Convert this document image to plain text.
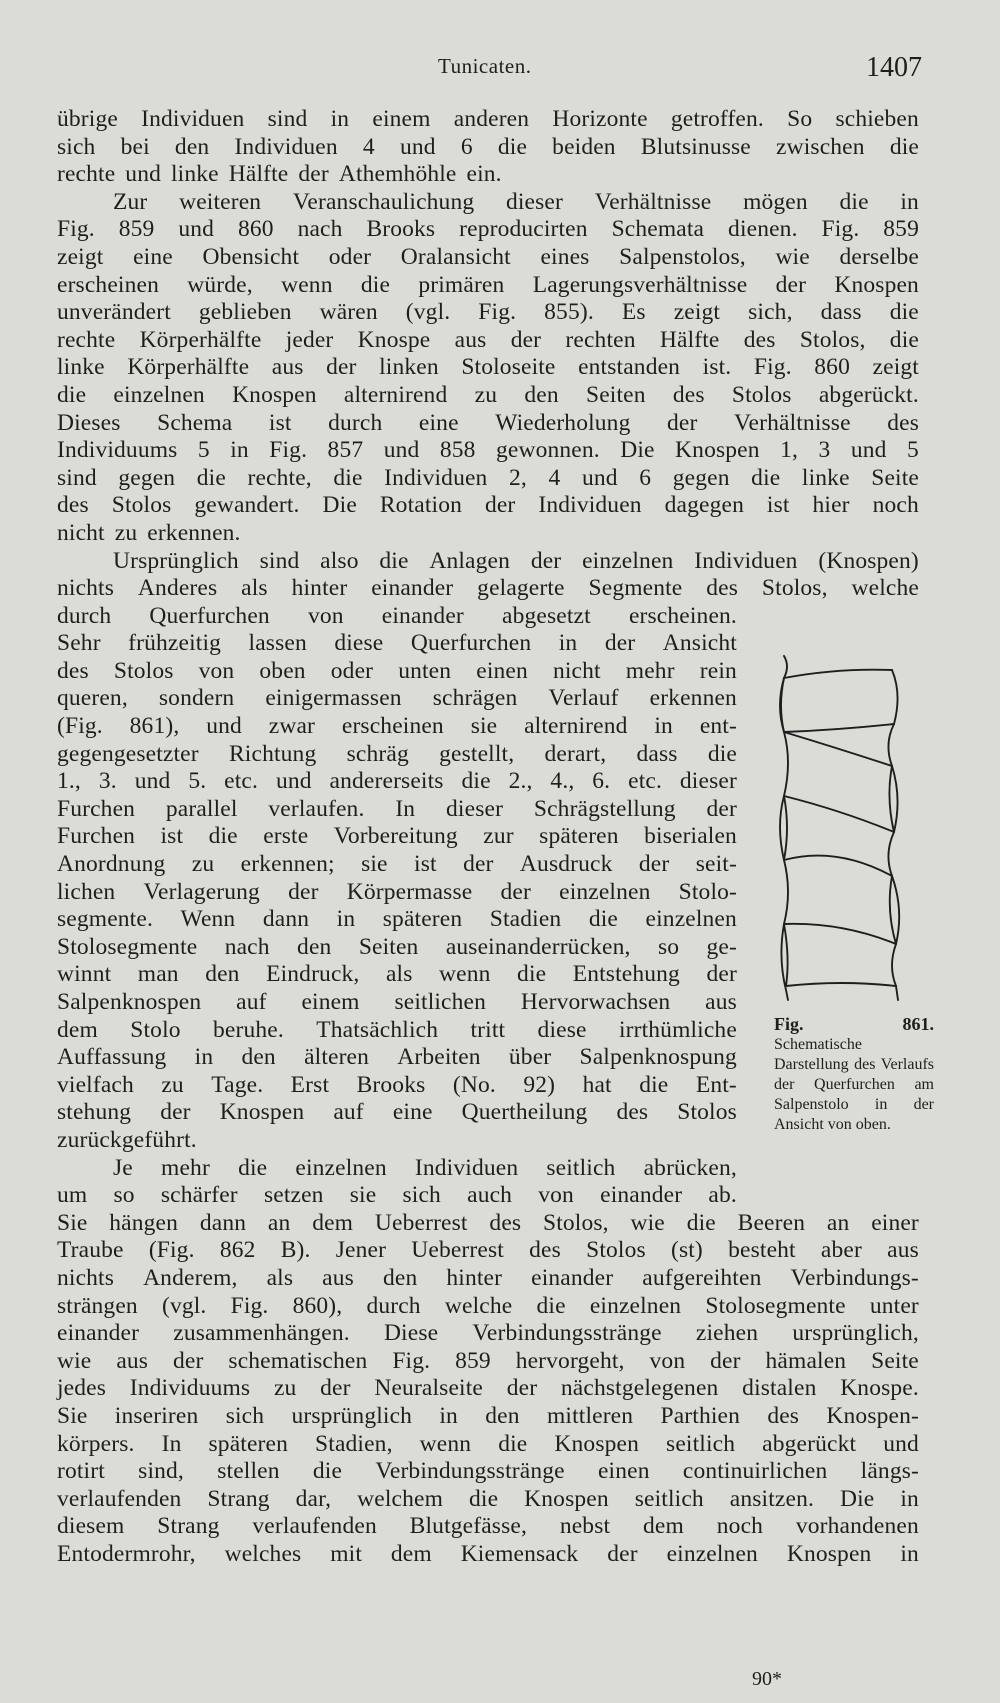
Tunicaten.	1407
übrige Individuen sind in einem anderen Horizonte getroffen. So schieben
sich bei den Individuen 4 und 6 die beiden Blutsinusse zwischen die
rechte und linke Hälfte der Athemhöhle ein.
Zur weiteren Veranschaulichung dieser Verhältnisse mögen die in
Fig. 859 und 860 nach Brooks reproducirten Schemata dienen. Fig. 859
zeigt eine Obensicht oder Oralansicht eines Salpenstolos, wie derselbe
erscheinen würde, wenn die primären Lagerungsverhältnisse der Knospen
unverändert geblieben wären (vgl. Fig. 855). Es zeigt sich, dass die
rechte Körperhälfte jeder Knospe aus der rechten Hälfte des Stolos, die
linke Körperhälfte aus der linken Stoloseite entstanden ist. Fig. 860 zeigt
die einzelnen Knospen alternirend zu den Seiten des Stolos abgerückt.
Dieses Schema ist durch eine Wiederholung der Verhältnisse des
Individuums 5 in Fig. 857 und 858 gewonnen. Die Knospen 1, 3 und 5
sind gegen die rechte, die Individuen 2, 4 und 6 gegen die linke Seite
des Stolos gewandert. Die Rotation der Individuen dagegen ist hier noch
nicht zu erkennen.
Ursprünglich sind also die Anlagen der einzelnen Individuen (Knospen)
nichts Anderes als hinter einander gelagerte Segmente des Stolos, welche
durch Querfurchen von einander abgesetzt erscheinen.
Sehr frühzeitig lassen diese Querfurchen in der Ansicht
des Stolos von oben oder unten einen nicht mehr rein
queren, sondern einigermassen schrägen Verlauf erkennen
(Fig. 861), und zwar erscheinen sie alternirend in ent-
gegengesetzter Richtung schräg gestellt, derart, dass die
1., 3. und 5. etc. und andererseits die 2., 4., 6. etc. dieser
Furchen parallel verlaufen. In dieser Schrägstellung der
Furchen ist die erste Vorbereitung zur späteren biserialen
Anordnung zu erkennen; sie ist der Ausdruck der seit-
lichen Verlagerung der Körpermasse der einzelnen Stolo-
segmente. Wenn dann in späteren Stadien die einzelnen
Stolosegmente nach den Seiten auseinanderrücken, so ge-
winnt man den Eindruck, als wenn die Entstehung der
Salpenknospen auf einem seitlichen Hervorwachsen aus
dem Stolo beruhe. Thatsächlich tritt diese irrthümliche
Auffassung in den älteren Arbeiten über Salpenknospung
vielfach zu Tage. Erst Brooks (No. 92) hat die Ent-
stehung der Knospen auf eine Quertheilung des Stolos
zurückgeführt.
Je mehr die einzelnen Individuen seitlich abrücken,
um so schärfer setzen sie sich auch von einander ab.
Sie hängen dann an dem Ueberrest des Stolos, wie die Beeren an einer
Traube (Fig. 862 B). Jener Ueberrest des Stolos (st) besteht aber aus
nichts Anderem, als aus den hinter einander aufgereihten Verbindungs-
strängen (vgl. Fig. 860), durch welche die einzelnen Stolosegmente unter
einander zusammenhängen. Diese Verbindungsstränge ziehen ursprünglich,
wie aus der schematischen Fig. 859 hervorgeht, von der hämalen Seite
jedes Individuums zu der Neuralseite der nächstgelegenen distalen Knospe.
Sie inseriren sich ursprünglich in den mittleren Parthien des Knospen-
körpers. In späteren Stadien, wenn die Knospen seitlich abgerückt und
rotirt sind, stellen die Verbindungsstränge einen continuirlichen längs-
verlaufenden Strang dar, welchem die Knospen seitlich ansitzen. Die in
diesem Strang verlaufenden Blutgefässe, nebst dem noch vorhandenen
Entodermrohr, welches mit dem Kiemensack der einzelnen Knospen in
Fig. 861.
Schematische Darstellung des Verlaufs der Querfurchen am Salpenstolo in der Ansicht von oben.
90*
